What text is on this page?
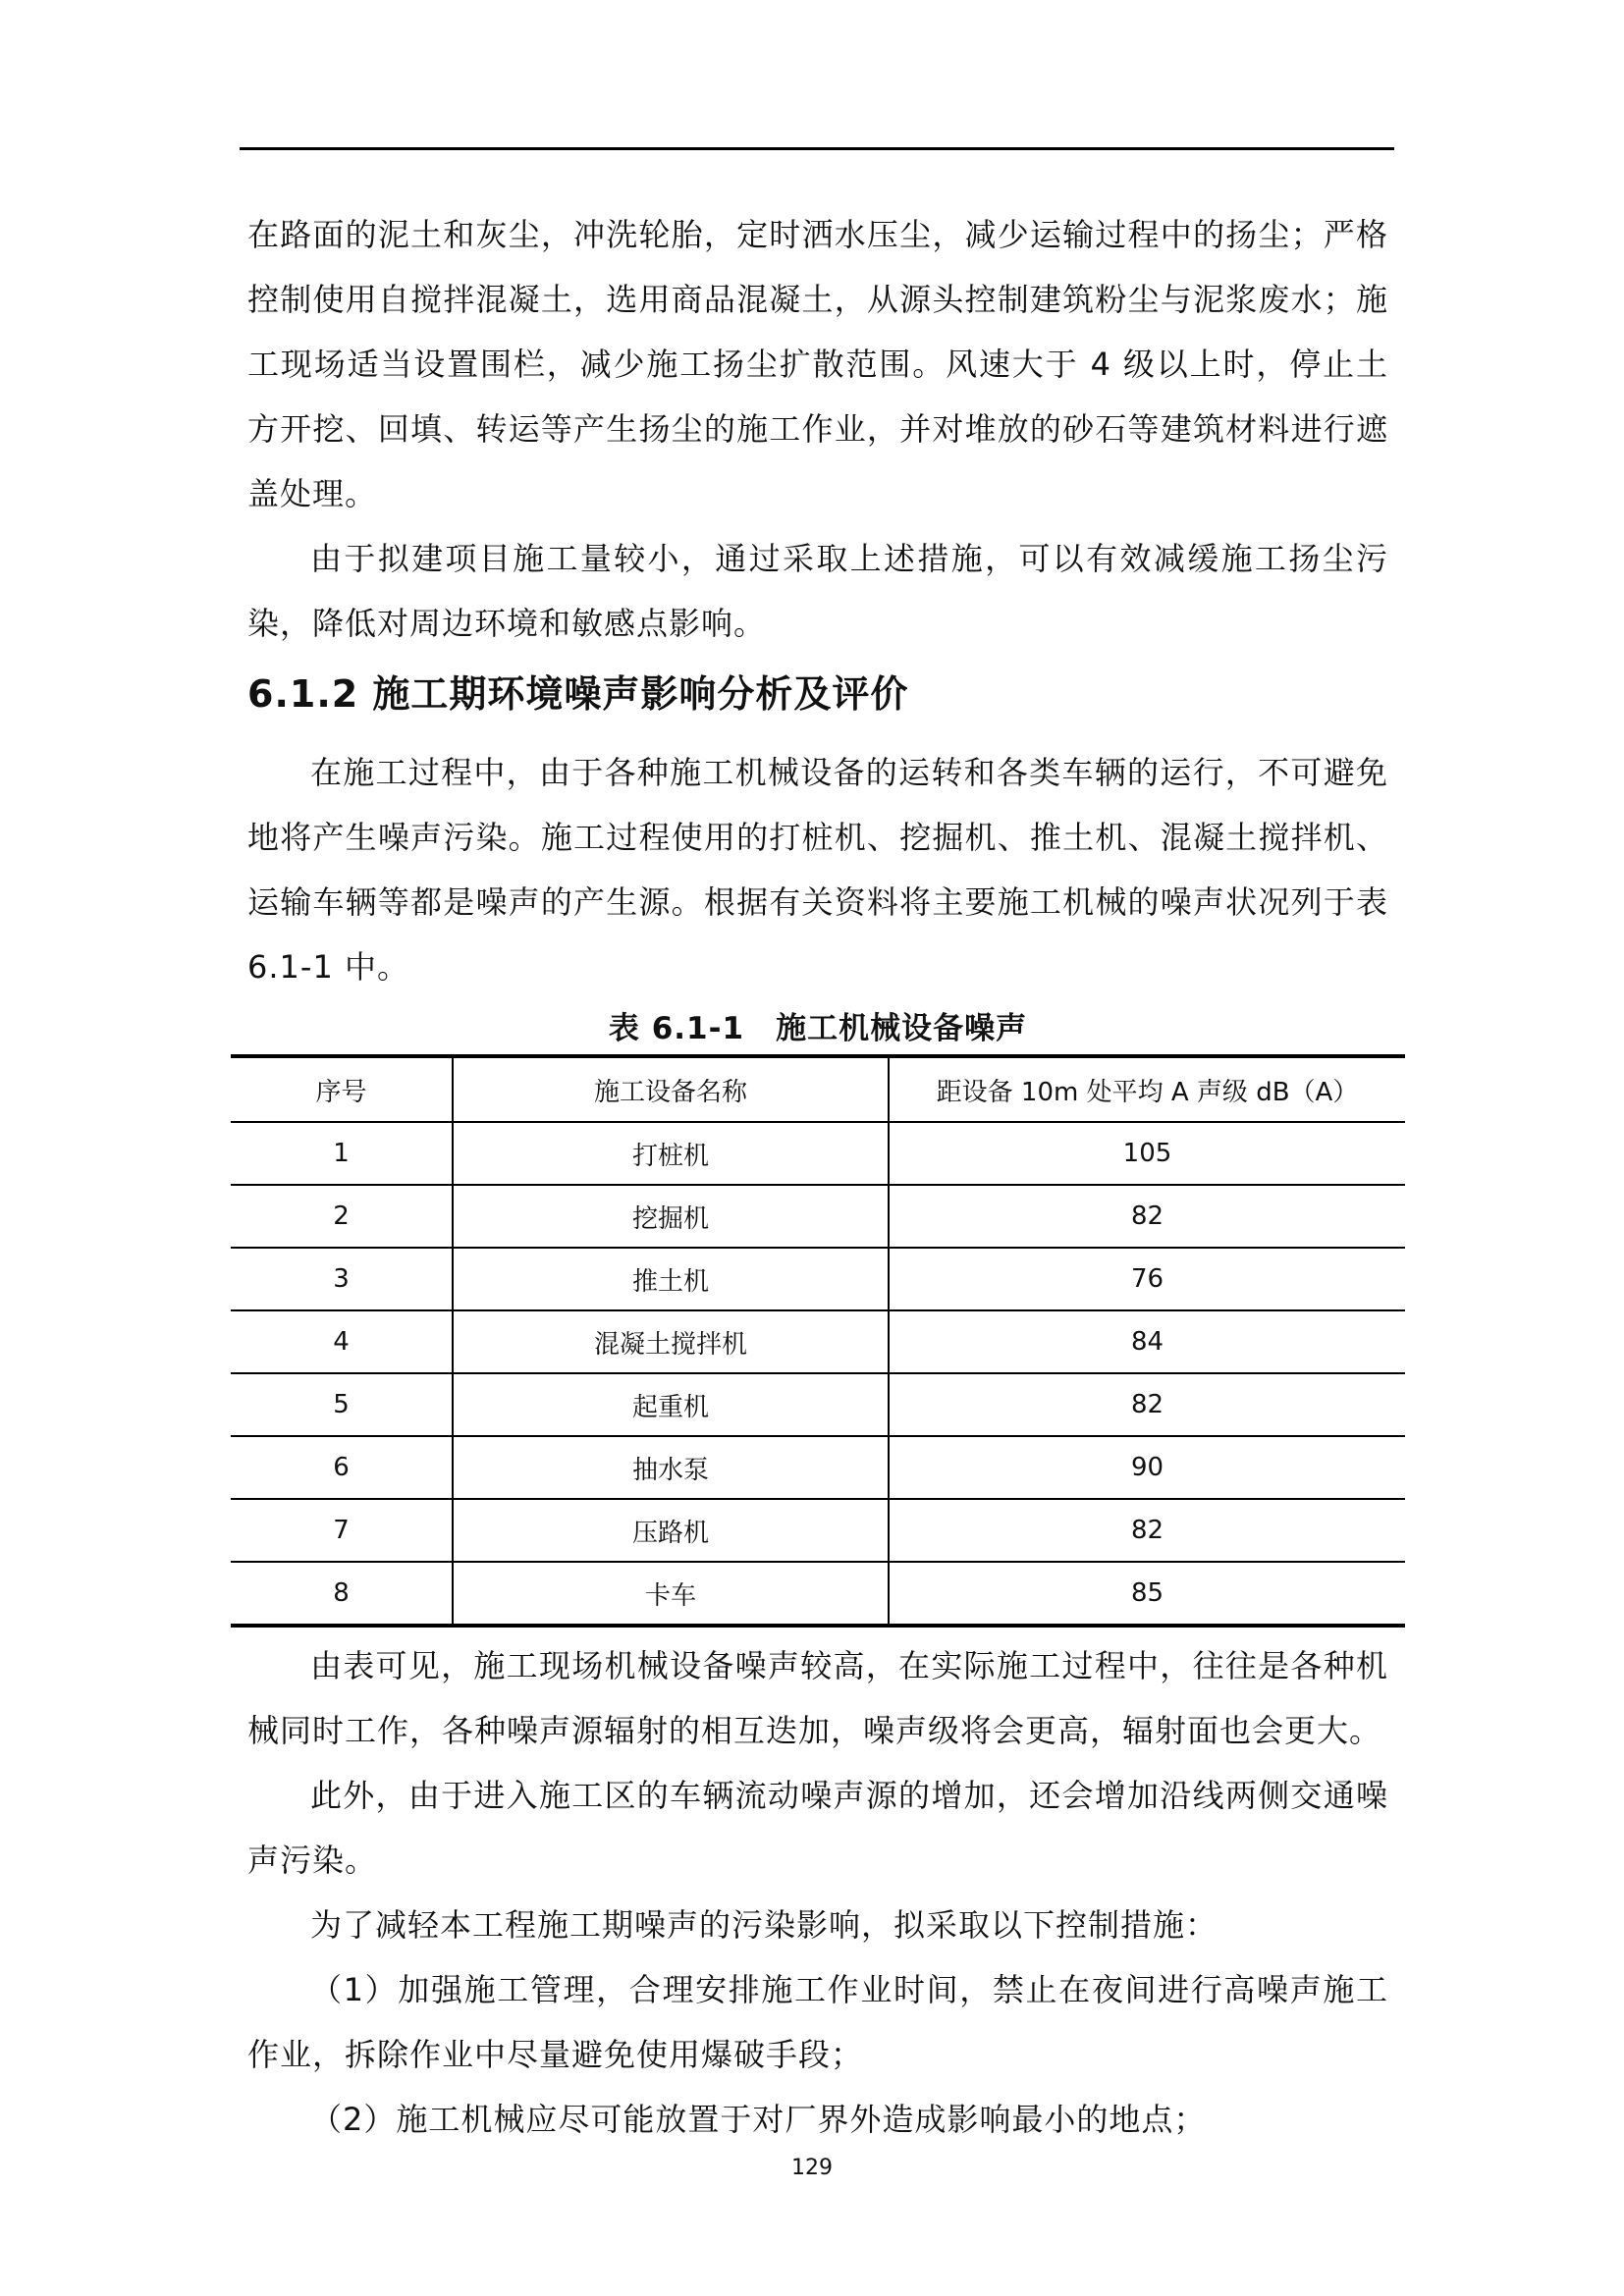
在路面的泥土和灰尘，冲洗轮胎，定时洒水压尘，减少运输过程中的扬尘；严格控制使用自搅拌混凝土，选用商品混凝土，从源头控制建筑粉尘与泥浆废水；施工现场适当设置围栏，减少施工扬尘扩散范围。风速大于 4 级以上时，停止土方开挖、回填、转运等产生扬尘的施工作业，并对堆放的砂石等建筑材料进行遮盖处理。

由于拟建项目施工量较小，通过采取上述措施，可以有效减缓施工扬尘污染，降低对周边环境和敏感点影响。

6.1.2 施工期环境噪声影响分析及评价

在施工过程中，由于各种施工机械设备的运转和各类车辆的运行，不可避免地将产生噪声污染。施工过程使用的打桩机、挖掘机、推土机、混凝土搅拌机、运输车辆等都是噪声的产生源。根据有关资料将主要施工机械的噪声状况列于表 6.1-1 中。

表 6.1-1　施工机械设备噪声
序号	施工设备名称	距设备 10m 处平均 A 声级 dB（A）
1	打桩机	105
2	挖掘机	82
3	推土机	76
4	混凝土搅拌机	84
5	起重机	82
6	抽水泵	90
7	压路机	82
8	卡车	85

由表可见，施工现场机械设备噪声较高，在实际施工过程中，往往是各种机械同时工作，各种噪声源辐射的相互迭加，噪声级将会更高，辐射面也会更大。

此外，由于进入施工区的车辆流动噪声源的增加，还会增加沿线两侧交通噪声污染。

为了减轻本工程施工期噪声的污染影响，拟采取以下控制措施：

（1）加强施工管理，合理安排施工作业时间，禁止在夜间进行高噪声施工作业，拆除作业中尽量避免使用爆破手段；

（2）施工机械应尽可能放置于对厂界外造成影响最小的地点；

129
